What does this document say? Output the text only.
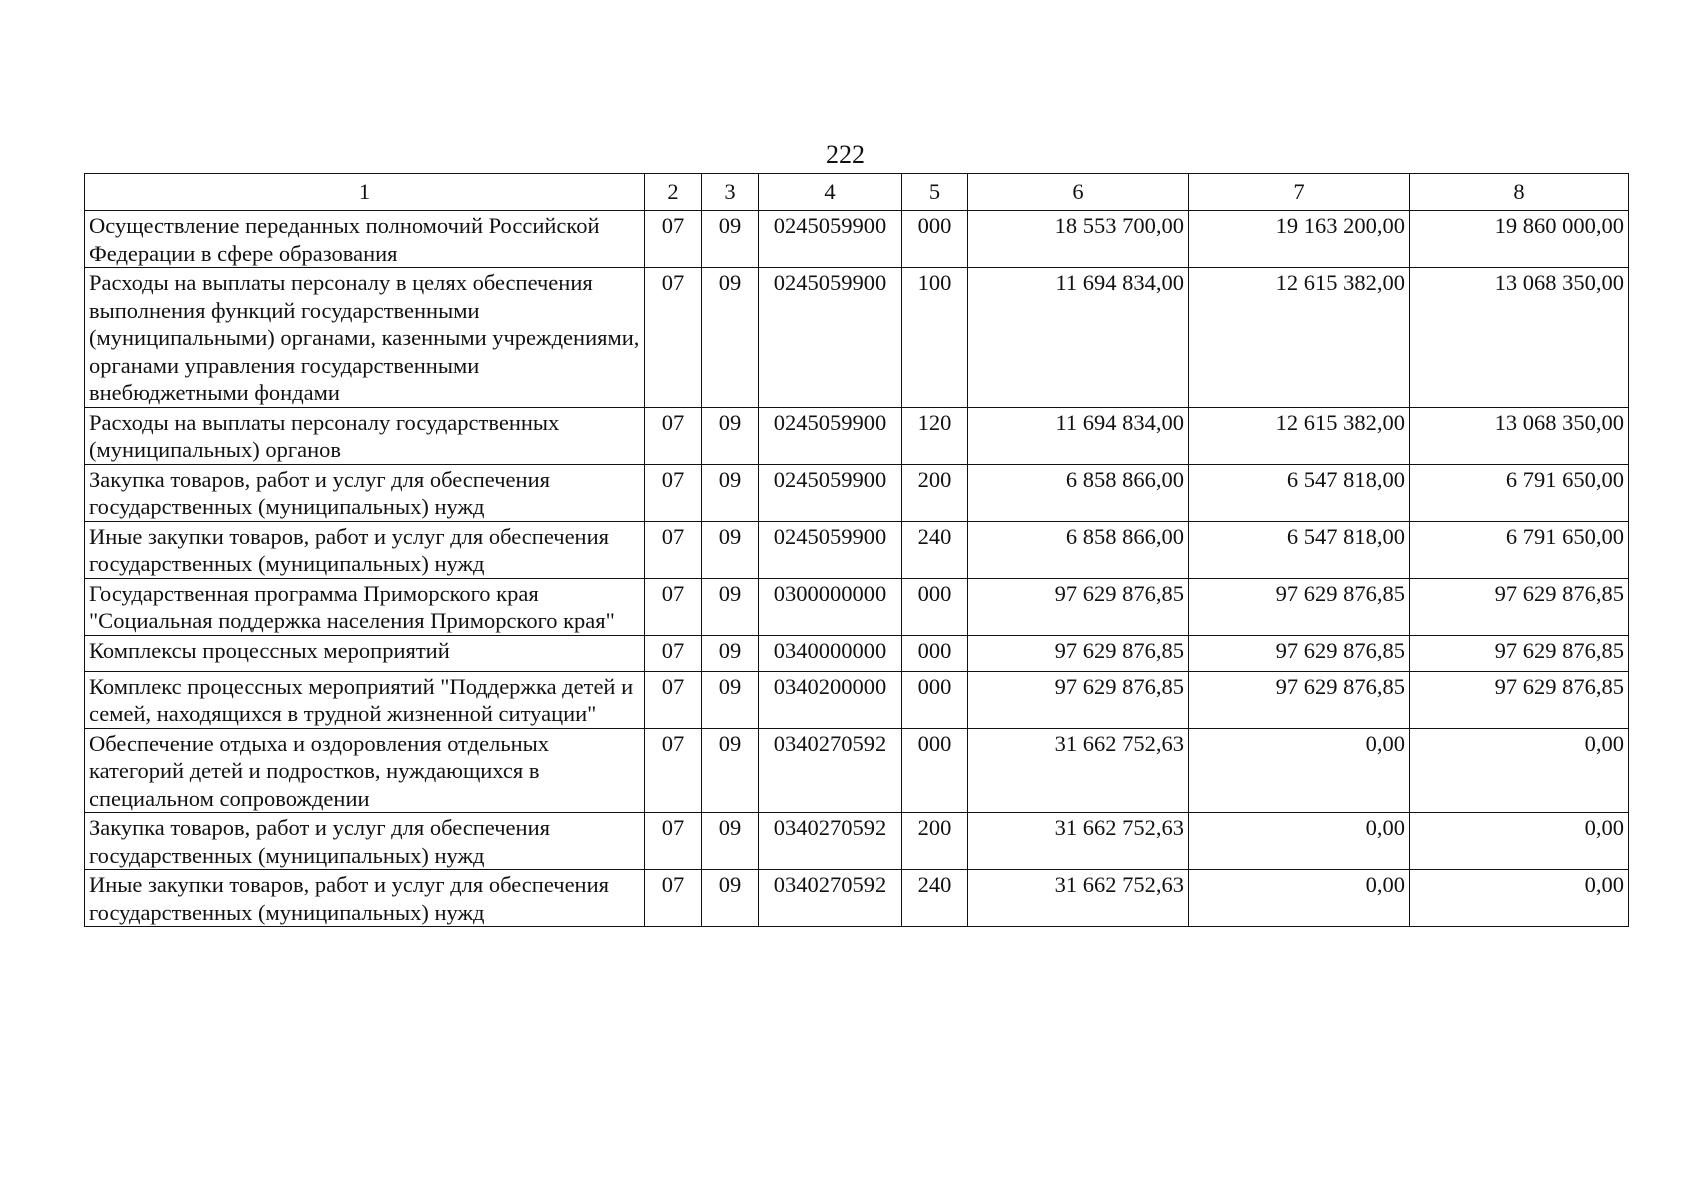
222
1	2	3	4	5	6	7	8
Осуществление переданных полномочий Российской Федерации в сфере образования	07	09	0245059900	000	18 553 700,00	19 163 200,00	19 860 000,00
Расходы на выплаты персоналу в целях обеспечения выполнения функций государственными (муниципальными) органами, казенными учреждениями, органами управления государственными внебюджетными фондами	07	09	0245059900	100	11 694 834,00	12 615 382,00	13 068 350,00
Расходы на выплаты персоналу государственных (муниципальных) органов	07	09	0245059900	120	11 694 834,00	12 615 382,00	13 068 350,00
Закупка товаров, работ и услуг для обеспечения государственных (муниципальных) нужд	07	09	0245059900	200	6 858 866,00	6 547 818,00	6 791 650,00
Иные закупки товаров, работ и услуг для обеспечения государственных (муниципальных) нужд	07	09	0245059900	240	6 858 866,00	6 547 818,00	6 791 650,00
Государственная программа Приморского края "Социальная поддержка населения Приморского края"	07	09	0300000000	000	97 629 876,85	97 629 876,85	97 629 876,85
Комплексы процессных мероприятий	07	09	0340000000	000	97 629 876,85	97 629 876,85	97 629 876,85
Комплекс процессных мероприятий "Поддержка детей и семей, находящихся в трудной жизненной ситуации"	07	09	0340200000	000	97 629 876,85	97 629 876,85	97 629 876,85
Обеспечение отдыха и оздоровления отдельных категорий детей и подростков, нуждающихся в специальном сопровождении	07	09	0340270592	000	31 662 752,63	0,00	0,00
Закупка товаров, работ и услуг для обеспечения государственных (муниципальных) нужд	07	09	0340270592	200	31 662 752,63	0,00	0,00
Иные закупки товаров, работ и услуг для обеспечения государственных (муниципальных) нужд	07	09	0340270592	240	31 662 752,63	0,00	0,00
